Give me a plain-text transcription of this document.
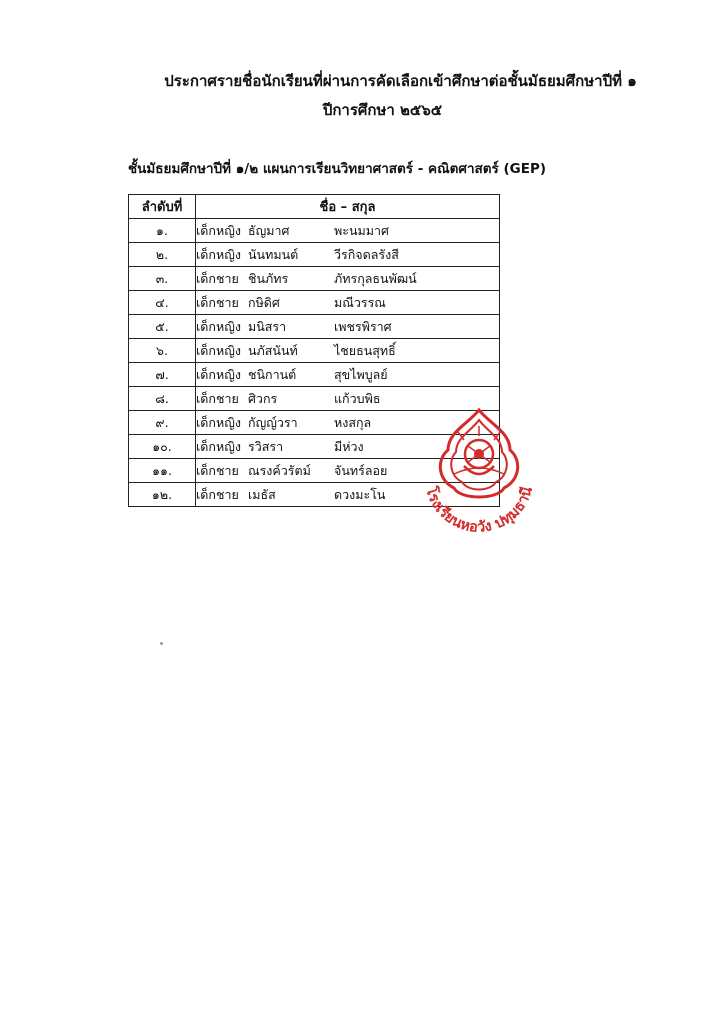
ประกาศรายชื่อนักเรียนที่ผ่านการคัดเลือกเข้าศึกษาต่อชั้นมัธยมศึกษาปีที่ ๑
ปีการศึกษา ๒๕๖๕
ชั้นมัธยมศึกษาปีที่ ๑/๒ แผนการเรียนวิทยาศาสตร์ - คณิตศาสตร์ (GEP)
ลำดับที่	ชื่อ – สกุล
๑.	เด็กหญิง ธัญมาศ พะนมมาศ
๒.	เด็กหญิง นันทมนต์ วีรกิจดลรังสี
๓.	เด็กชาย ชินภัทร ภัทรกุลธนพัฒน์
๔.	เด็กชาย กษิดิศ มณีวรรณ
๕.	เด็กหญิง มนิสรา เพชรพิราศ
๖.	เด็กหญิง นภัสนันท์ ไชยธนสุทธิ์
๗.	เด็กหญิง ชนิกานต์ สุขไพบูลย์
๘.	เด็กชาย ศิวกร แก้วบพิธ
๙.	เด็กหญิง กัญญ์วรา หงสกุล
๑๐.	เด็กหญิง รวิสรา มีห่วง
๑๑.	เด็กชาย ณรงค์วรัตม์ จันทร์ลอย
๑๒.	เด็กชาย เมธัส ดวงมะโน	โรงเรียนหอวัง ปทุมธานี
